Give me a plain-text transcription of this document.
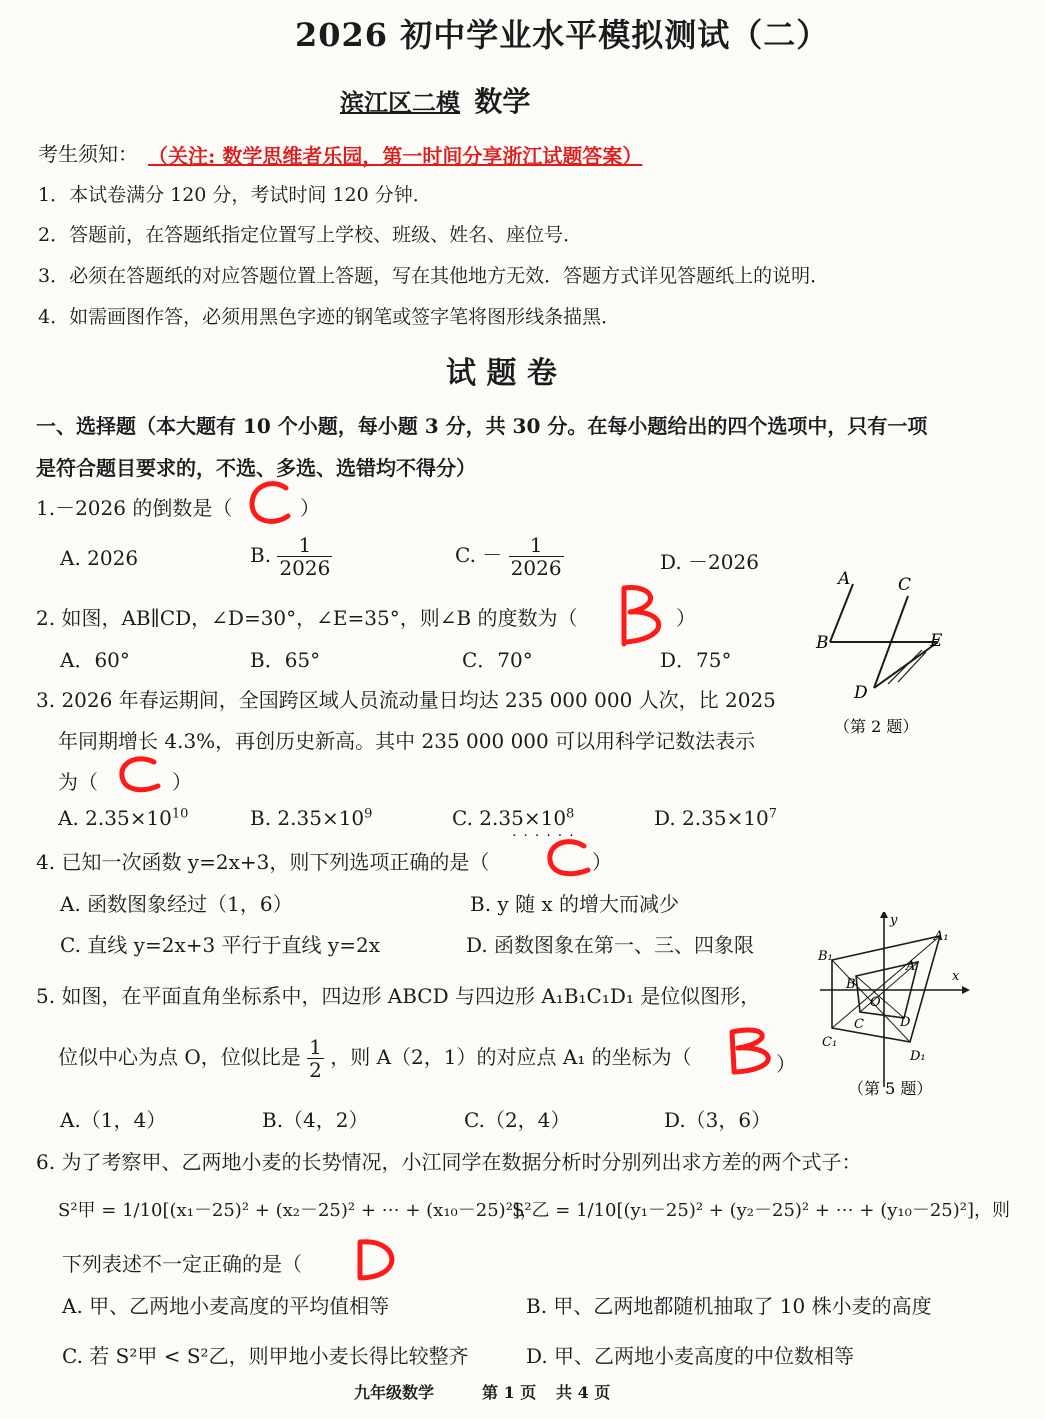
2026 初中学业水平模拟测试（二）
滨江区二模 数学
考生须知： （关注: 数学思维者乐园，第一时间分享浙江试题答案）
1．本试卷满分 120 分，考试时间 120 分钟．
2．答题前，在答题纸指定位置写上学校、班级、姓名、座位号．
3．必须在答题纸的对应答题位置上答题，写在其他地方无效．答题方式详见答题纸上的说明．
4．如需画图作答，必须用黑色字迹的钢笔或签字笔将图形线条描黑．
试 题 卷
一、选择题（本大题有 10 个小题，每小题 3 分，共 30 分。在每小题给出的四个选项中，只有一项
是符合题目要求的，不选、多选、选错均不得分）
1.－2026 的倒数是（	）
A. 2026	B. $\frac{1}{2026}$	C. － $\frac{1}{2026}$	D. －2026
2. 如图，AB∥CD，∠D=30°，∠E=35°，则∠B 的度数为（	）
A．60°	B．65°	C．70°	D．75°
A	C
B	E
D
（第 2 题）
3. 2026 年春运期间，全国跨区域人员流动量日均达 235 000 000 人次，比 2025
年同期增长 4.3%，再创历史新高。其中 235 000 000 可以用科学记数法表示
为（	）
A. $2.35\times 10^{10}$	B. $2.35\times 10^9$	C. $2.35\times 10^8$	D. $2.35\times 10^7$
······
4. 已知一次函数 y=2x+3，则下列选项正确的是（	）
A. 函数图象经过（1，6）	B. y 随 x 的增大而减少
C. 直线 y=2x+3 平行于直线 y=2x	D. 函数图象在第一、三、四象限
5. 如图，在平面直角坐标系中，四边形 ABCD 与四边形 A₁B₁C₁D₁ 是位似图形，
位似中心为点 O，位似比是 $\frac{1}{2}$ ，则 A（2，1）的对应点 A₁ 的坐标为（	）
A.（1，4）	B.（4，2）	C.（2，4）	D.（3，6）
y
x
A₁
B₁
B
A
O
C	D
C₁
D₁
（第 5 题）
6. 为了考察甲、乙两地小麦的长势情况，小江同学在数据分析时分别列出求方差的两个式子：
S²甲 = 1/10[(x₁－25)² + (x₂－25)² + ⋯ + (x₁₀－25)²]，
S²乙 = 1/10[(y₁－25)² + (y₂－25)² + ⋯ + (y₁₀－25)²]，则
下列表述不一定正确的是（
A. 甲、乙两地小麦高度的平均值相等	B. 甲、乙两地都随机抽取了 10 株小麦的高度
C. 若 S²甲 < S²乙，则甲地小麦长得比较整齐	D. 甲、乙两地小麦高度的中位数相等
九年级数学	第 1 页 共 4 页
